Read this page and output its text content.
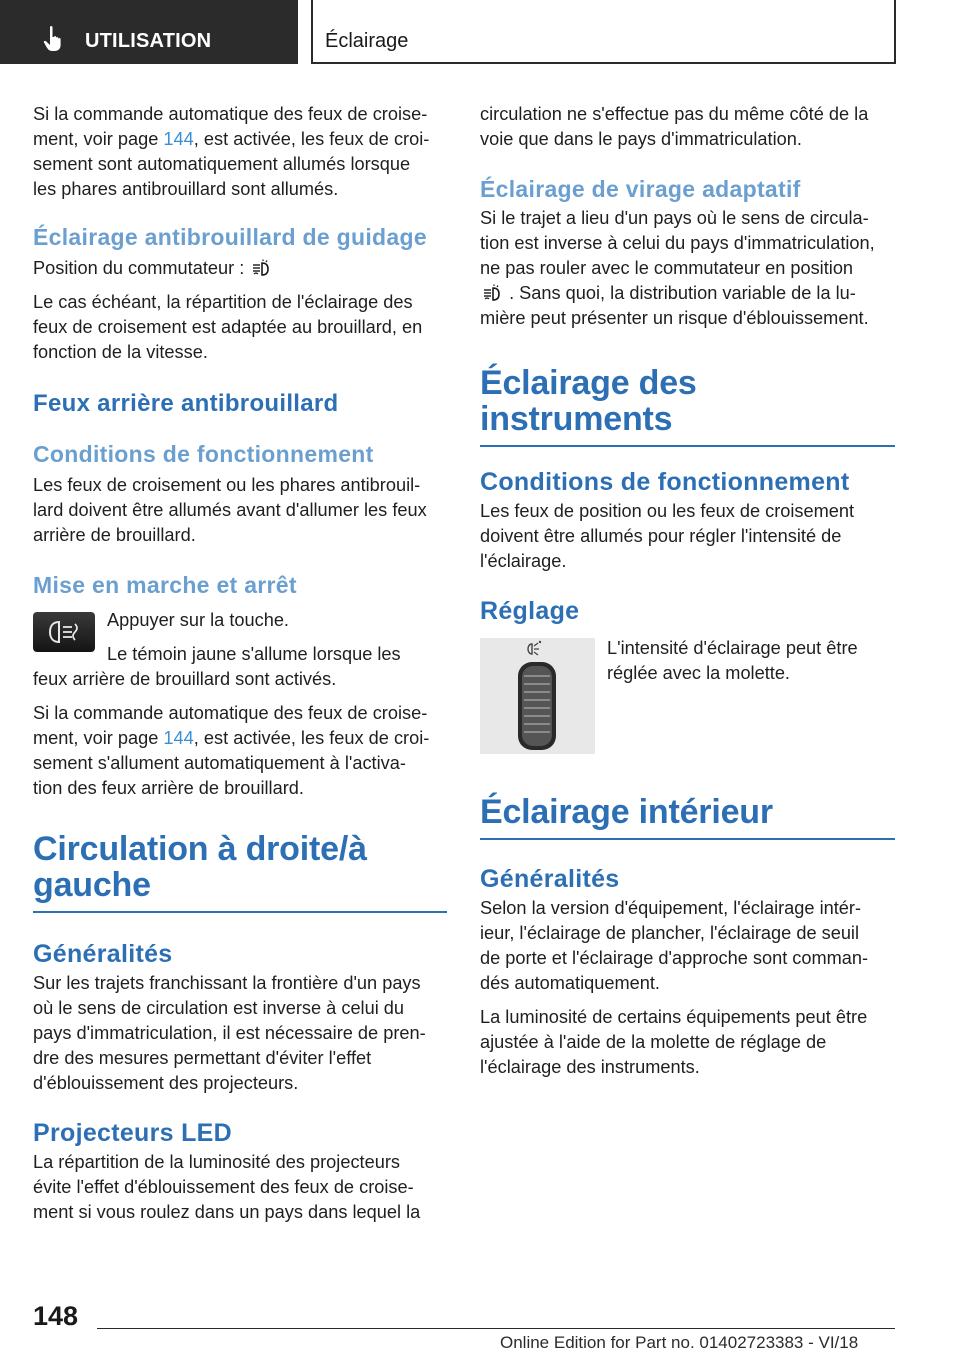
UTILISATION	Éclairage

Si la commande automatique des feux de croise-
ment, voir page 144, est activée, les feux de croi-
sement sont automatiquement allumés lorsque
les phares antibrouillard sont allumés.

Éclairage antibrouillard de guidage

Position du commutateur :

Le cas échéant, la répartition de l'éclairage des
feux de croisement est adaptée au brouillard, en
fonction de la vitesse.

Feux arrière antibrouillard
Conditions de fonctionnement

Les feux de croisement ou les phares antibrouil-
lard doivent être allumés avant d'allumer les feux
arrière de brouillard.

Mise en marche et arrêt

Appuyer sur la touche.

Le témoin jaune s'allume lorsque les
feux arrière de brouillard sont activés.

Si la commande automatique des feux de croise-
ment, voir page 144, est activée, les feux de croi-
sement s'allument automatiquement à l'activa-
tion des feux arrière de brouillard.

Circulation à droite/à
gauche
Généralités

Sur les trajets franchissant la frontière d'un pays
où le sens de circulation est inverse à celui du
pays d'immatriculation, il est nécessaire de pren-
dre des mesures permettant d'éviter l'effet
d'éblouissement des projecteurs.

Projecteurs LED

La répartition de la luminosité des projecteurs
évite l'effet d'éblouissement des feux de croise-
ment si vous roulez dans un pays dans lequel la

circulation ne s'effectue pas du même côté de la
voie que dans le pays d'immatriculation.

Éclairage de virage adaptatif

Si le trajet a lieu d'un pays où le sens de circula-
tion est inverse à celui du pays d'immatriculation,
ne pas rouler avec le commutateur en position
. Sans quoi, la distribution variable de la lu-
mière peut présenter un risque d'éblouissement.

Éclairage des instruments
Conditions de fonctionnement

Les feux de position ou les feux de croisement
doivent être allumés pour régler l'intensité de
l'éclairage.

Réglage

L'intensité d'éclairage peut être
réglée avec la molette.

Éclairage intérieur
Généralités

Selon la version d'équipement, l'éclairage intér-
ieur, l'éclairage de plancher, l'éclairage de seuil
de porte et l'éclairage d'approche sont comman-
dés automatiquement.

La luminosité de certains équipements peut être
ajustée à l'aide de la molette de réglage de
l'éclairage des instruments.

148
Online Edition for Part no. 01402723383 - VI/18
